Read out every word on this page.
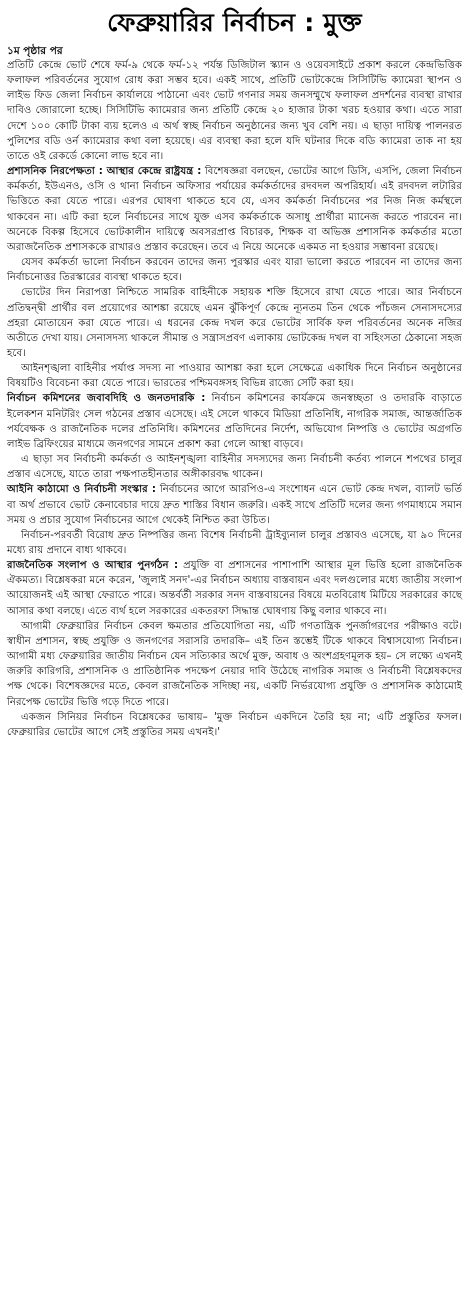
ফেব্রুয়ারির নির্বাচন : মুক্ত
১ম পৃষ্ঠার পর

প্রতিটি কেন্দ্রে ভোট শেষে ফর্ম-৯ থেকে ফর্ম-১২ পর্যন্ত ডিজিটাল স্ক্যান ও ওয়েবসাইটে প্রকাশ করলে কেন্দ্রভিত্তিক ফলাফল পরিবর্তনের সুযোগ রোধ করা সম্ভব হবে। একই সাথে, প্রতিটি ভোটকেন্দ্রে সিসিটিভি ক্যামেরা স্থাপন ও লাইভ ফিড জেলা নির্বাচন কার্যালয়ে পাঠানো এবং ভোট গণনার সময় জনসম্মুখে ফলাফল প্রদর্শনের ব্যবস্থা রাখার দাবিও জোরালো হচ্ছে। সিসিটিভি ক্যামেরার জন্য প্রতিটি কেন্দ্রে ২০ হাজার টাকা খরচ হওয়ার কথা। এতে সারা দেশে ১০০ কোটি টাকা ব্যয় হলেও এ অর্থ স্বচ্ছ নির্বাচন অনুষ্ঠানের জন্য খুব বেশি নয়। এ ছাড়া দায়িত্ব পালনরত পুলিশের বডি ওর্ন ক্যামেরার কথা বলা হয়েছে। এর ব্যবস্থা করা হলে যদি ঘটনার দিকে বডি ক্যামেরা তাক না হয় তাতে ওই রেকর্ডে কোনো লাভ হবে না।

প্রশাসনিক নিরপেক্ষতা : আস্থার কেন্দ্রে রাষ্ট্রযন্ত্র : বিশেষজ্ঞরা বলছেন, ভোটের আগে ডিসি, এসপি, জেলা নির্বাচন কর্মকর্তা, ইউএনও, ওসি ও থানা নির্বাচন অফিসার পর্যায়ের কর্মকর্তাদের রদবদল অপরিহার্য। এই রদবদল লটারির ভিত্তিতে করা যেতে পারে। এরপর ঘোষণা থাকতে হবে যে, এসব কর্মকর্তা নির্বাচনের পর নিজ নিজ কর্মস্থলে থাকবেন না। এটি করা হলে নির্বাচনের সাথে যুক্ত এসব কর্মকর্তাকে অসাধু প্রার্থীরা ম্যানেজ করতে পারবেন না। অনেকে বিকল্প হিসেবে ভোটকালীন দায়িত্বে অবসরপ্রাপ্ত বিচারক, শিক্ষক বা অভিজ্ঞ প্রশাসনিক কর্মকর্তার মতো অরাজনৈতিক প্রশাসককে রাখারও প্রস্তাব করেছেন। তবে এ নিয়ে অনেকে একমত না হওয়ার সম্ভাবনা রয়েছে।

যেসব কর্মকর্তা ভালো নির্বাচন করবেন তাদের জন্য পুরস্কার এবং যারা ভালো করতে পারবেন না তাদের জন্য নির্বাচনোত্তর তিরস্কারের ব্যবস্থা থাকতে হবে।

ভোটের দিন নিরাপত্তা নিশ্চিতে সামরিক বাহিনীকে সহায়ক শক্তি হিসেবে রাখা যেতে পারে। আর নির্বাচনে প্রতিদ্বন্দ্বী প্রার্থীর বল প্রয়োগের আশঙ্কা রয়েছে এমন ঝুঁকিপূর্ণ কেন্দ্রে ন্যূনতম তিন থেকে পাঁচজন সেনাসদস্যের প্রহরা মোতায়েন করা যেতে পারে। এ ধরনের কেন্দ্র দখল করে ভোটের সার্বিক ফল পরিবর্তনের অনেক নজির অতীতে দেখা যায়। সেনাসদস্য থাকলে সীমান্ত ও সন্ত্রাসপ্রবণ এলাকায় ভোটকেন্দ্র দখল বা সহিংসতা ঠেকানো সহজ হবে।

আইনশৃঙ্খলা বাহিনীর পর্যাপ্ত সদস্য না পাওয়ার আশঙ্কা করা হলে সেক্ষেত্রে একাধিক দিনে নির্বাচন অনুষ্ঠানের বিষয়টিও বিবেচনা করা যেতে পারে। ভারতের পশ্চিমবঙ্গসহ বিভিন্ন রাজ্যে সেটি করা হয়।

নির্বাচন কমিশনের জবাবদিহি ও জনতদারকি : নির্বাচন কমিশনের কার্যক্রমে জনস্বচ্ছতা ও তদারকি বাড়াতে ইলেকশন মনিটরিং সেল গঠনের প্রস্তাব এসেছে। এই সেলে থাকবে মিডিয়া প্রতিনিধি, নাগরিক সমাজ, আন্তর্জাতিক পর্যবেক্ষক ও রাজনৈতিক দলের প্রতিনিধি। কমিশনের প্রতিদিনের নির্দেশ, অভিযোগ নিষ্পত্তি ও ভোটের অগ্রগতি লাইভ ব্রিফিংয়ের মাধ্যমে জনগণের সামনে প্রকাশ করা গেলে আস্থা বাড়বে।

এ ছাড়া সব নির্বাচনী কর্মকর্তা ও আইনশৃঙ্খলা বাহিনীর সদস্যদের জন্য নির্বাচনী কর্তব্য পালনে শপথের চালুর প্রস্তাব এসেছে, যাতে তারা পক্ষপাতহীনতার অঙ্গীকারবদ্ধ থাকেন।

আইনি কাঠামো ও নির্বাচনী সংস্কার : নির্বাচনের আগে আরপিও-এ সংশোধন এনে ভোট কেন্দ্র দখল, ব্যালট ভর্তি বা অর্থ প্রভাবে ভোট কেনাবেচার দায়ে দ্রুত শাস্তির বিধান জরুরি। একই সাথে প্রতিটি দলের জন্য গণমাধ্যমে সমান সময় ও প্রচার সুযোগ নির্বাচনের আগে থেকেই নিশ্চিত করা উচিত।

নির্বাচন-পরবর্তী বিরোধ দ্রুত নিষ্পত্তির জন্য বিশেষ নির্বাচনী ট্রাইব্যুনাল চালুর প্রস্তাবও এসেছে, যা ৯০ দিনের মধ্যে রায় প্রদানে বাধ্য থাকবে।

রাজনৈতিক সংলাপ ও আস্থার পুনর্গঠন : প্রযুক্তি বা প্রশাসনের পাশাপাশি আস্থার মূল ভিত্তি হলো রাজনৈতিক ঐকমত্য। বিশ্লেষকরা মনে করেন, 'জুলাই সনদ'-এর নির্বাচন অধ্যায় বাস্তবায়ন এবং দলগুলোর মধ্যে জাতীয় সংলাপ আয়োজনই এই আস্থা ফেরাতে পারে। অন্তর্বর্তী সরকার সনদ বাস্তবায়নের বিষয়ে মতবিরোধ মিটিয়ে সরকারের কাছে আসার কথা বলছে। এতে ব্যর্থ হলে সরকারের একতরফা সিদ্ধান্ত ঘোষণায় কিছু বলার থাকবে না।

আগামী ফেব্রুয়ারির নির্বাচন কেবল ক্ষমতার প্রতিযোগিতা নয়, এটি গণতান্ত্রিক পুনর্জাগরণের পরীক্ষাও বটে। স্বাধীন প্রশাসন, স্বচ্ছ প্রযুক্তি ও জনগণের সরাসরি তদারকি– এই তিন স্তম্ভেই টিকে থাকবে বিশ্বাসযোগ্য নির্বাচন। আগামী মধ্য ফেব্রুয়ারির জাতীয় নির্বাচন যেন সত্যিকার অর্থে মুক্ত, অবাধ ও অংশগ্রহণমূলক হয়– সে লক্ষ্যে এখনই জরুরি কারিগরি, প্রশাসনিক ও প্রাতিষ্ঠানিক পদক্ষেপ নেয়ার দাবি উঠেছে নাগরিক সমাজ ও নির্বাচনী বিশ্লেষকদের পক্ষ থেকে। বিশেষজ্ঞদের মতে, কেবল রাজনৈতিক সদিচ্ছা নয়, একটি নির্ভরযোগ্য প্রযুক্তি ও প্রশাসনিক কাঠামোই নিরপেক্ষ ভোটের ভিত্তি গড়ে দিতে পারে।

একজন সিনিয়র নির্বাচন বিশ্লেষকের ভাষায়– 'মুক্ত নির্বাচন একদিনে তৈরি হয় না; এটি প্রস্তুতির ফসল। ফেব্রুয়ারির ভোটের আগে সেই প্রস্তুতির সময় এখনই।'
